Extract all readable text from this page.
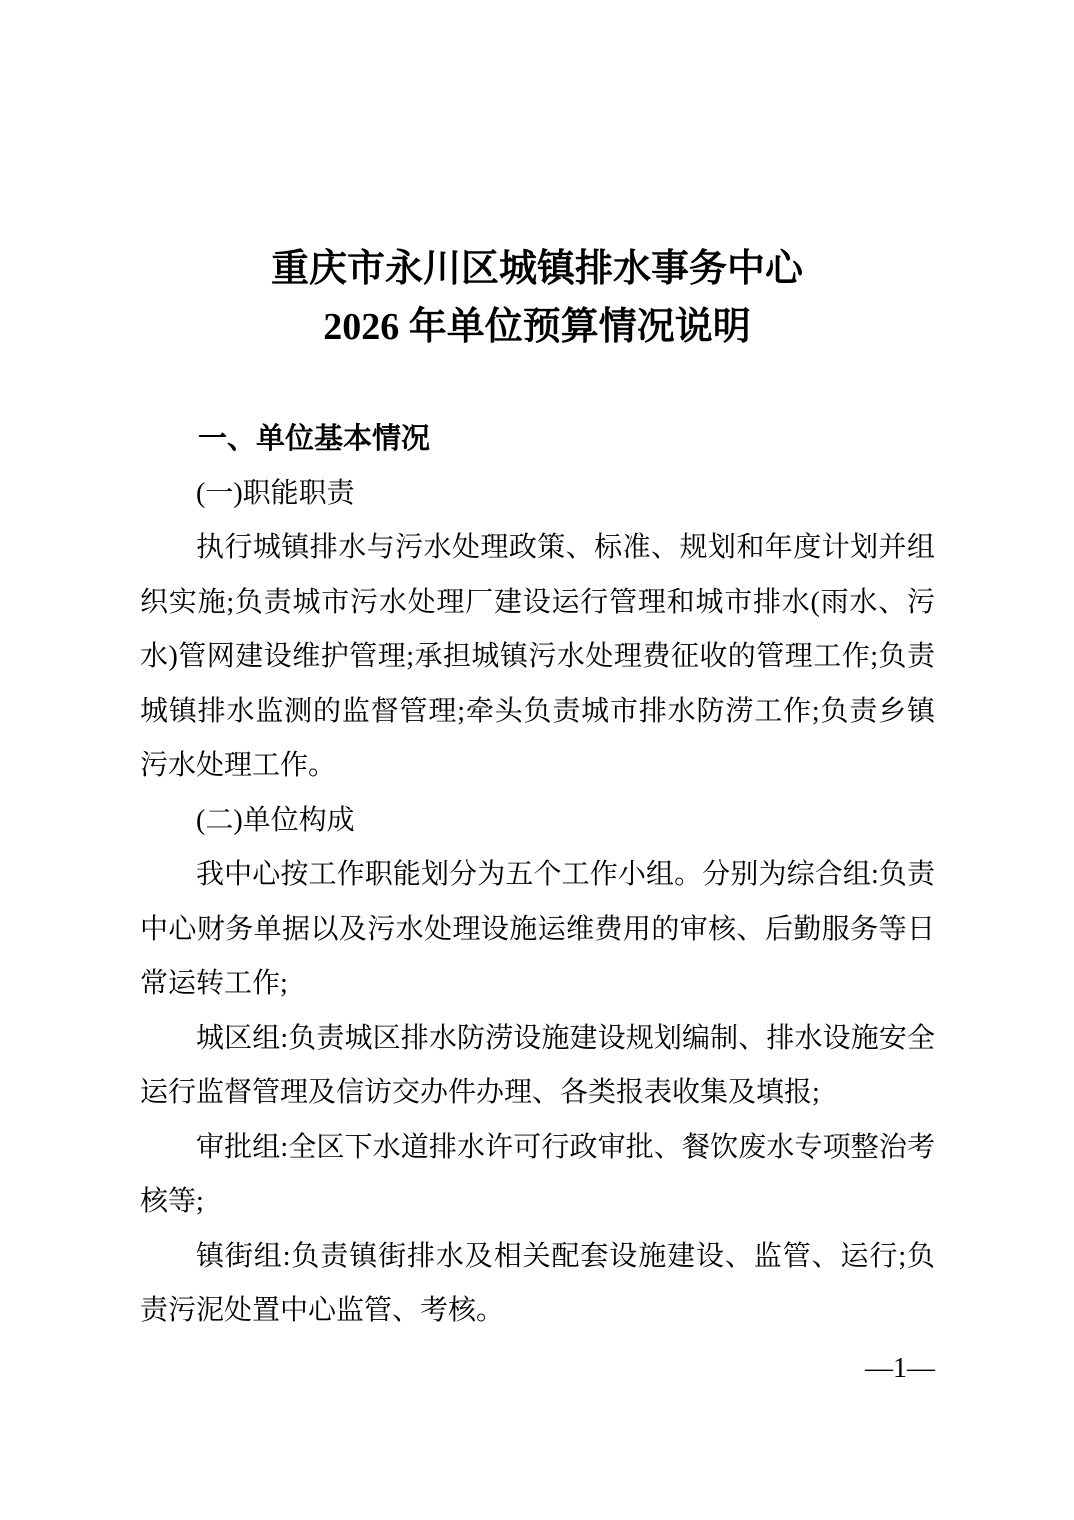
重庆市永川区城镇排水事务中心
2026 年单位预算情况说明
一、单位基本情况
(一)职能职责

执行城镇排水与污水处理政策、标准、规划和年度计划并组织实施;负责城市污水处理厂建设运行管理和城市排水(雨水、污水)管网建设维护管理;承担城镇污水处理费征收的管理工作;负责城镇排水监测的监督管理;牵头负责城市排水防涝工作;负责乡镇污水处理工作。

(二)单位构成

我中心按工作职能划分为五个工作小组。分别为综合组:负责中心财务单据以及污水处理设施运维费用的审核、后勤服务等日常运转工作;

城区组:负责城区排水防涝设施建设规划编制、排水设施安全运行监督管理及信访交办件办理、各类报表收集及填报;

审批组:全区下水道排水许可行政审批、餐饮废水专项整治考核等;

镇街组:负责镇街排水及相关配套设施建设、监管、运行;负责污泥处置中心监管、考核。

—1—
